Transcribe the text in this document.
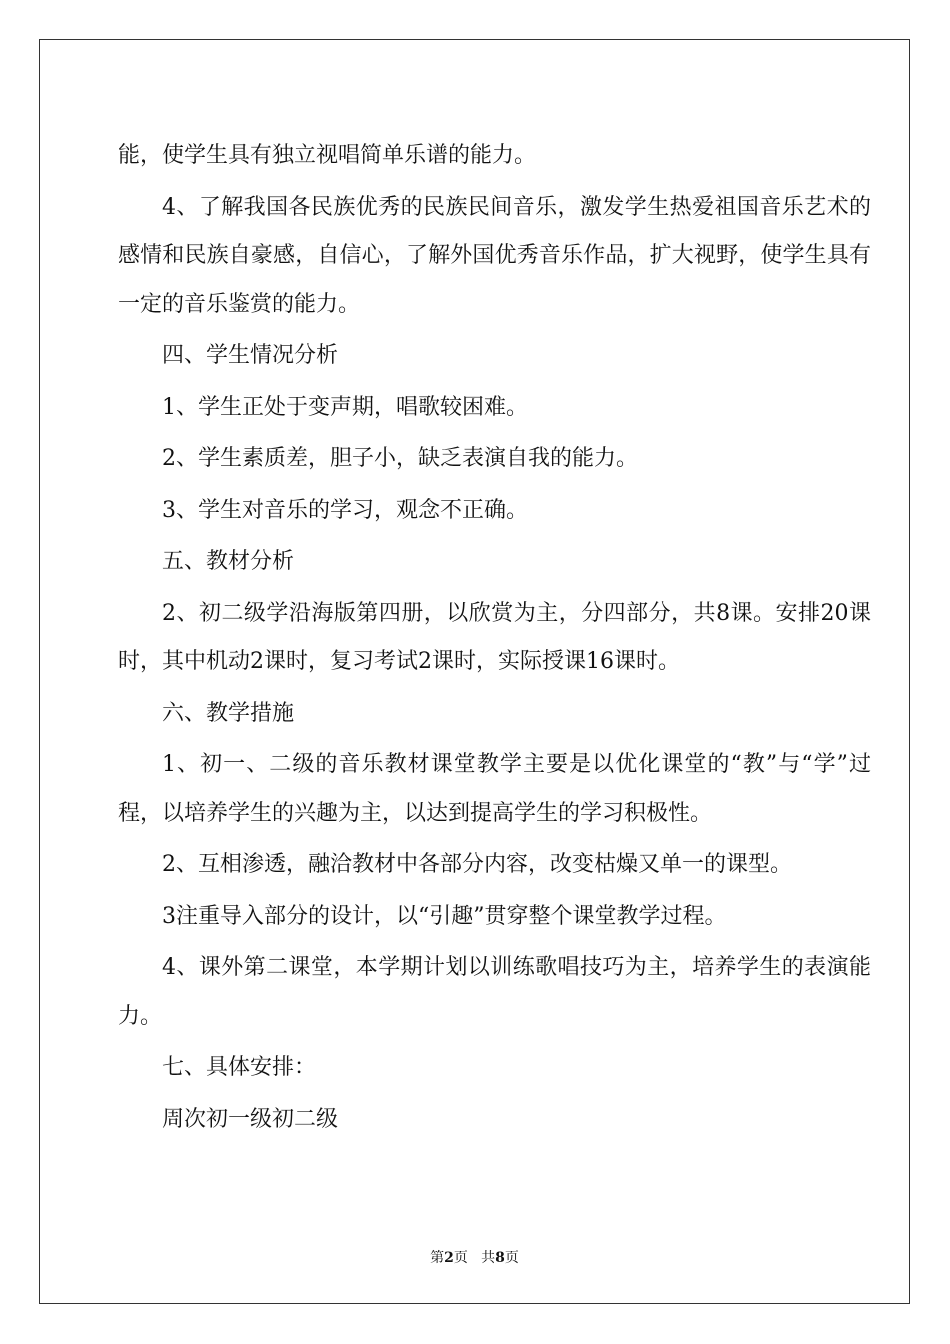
能，使学生具有独立视唱简单乐谱的能力。

4、了解我国各民族优秀的民族民间音乐，激发学生热爱祖国音乐艺术的感情和民族自豪感，自信心，了解外国优秀音乐作品，扩大视野，使学生具有一定的音乐鉴赏的能力。

四、学生情况分析

1、学生正处于变声期，唱歌较困难。

2、学生素质差，胆子小，缺乏表演自我的能力。

3、学生对音乐的学习，观念不正确。

五、教材分析

2、初二级学沿海版第四册，以欣赏为主，分四部分，共8课。安排20课时，其中机动2课时，复习考试2课时，实际授课16课时。

六、教学措施

1、初一、二级的音乐教材课堂教学主要是以优化课堂的“教”与“学”过程，以培养学生的兴趣为主，以达到提高学生的学习积极性。

2、互相渗透，融洽教材中各部分内容，改变枯燥又单一的课型。

3注重导入部分的设计，以“引趣”贯穿整个课堂教学过程。

4、课外第二课堂，本学期计划以训练歌唱技巧为主，培养学生的表演能力。

七、具体安排：

周次初一级初二级

第2页   共8页
